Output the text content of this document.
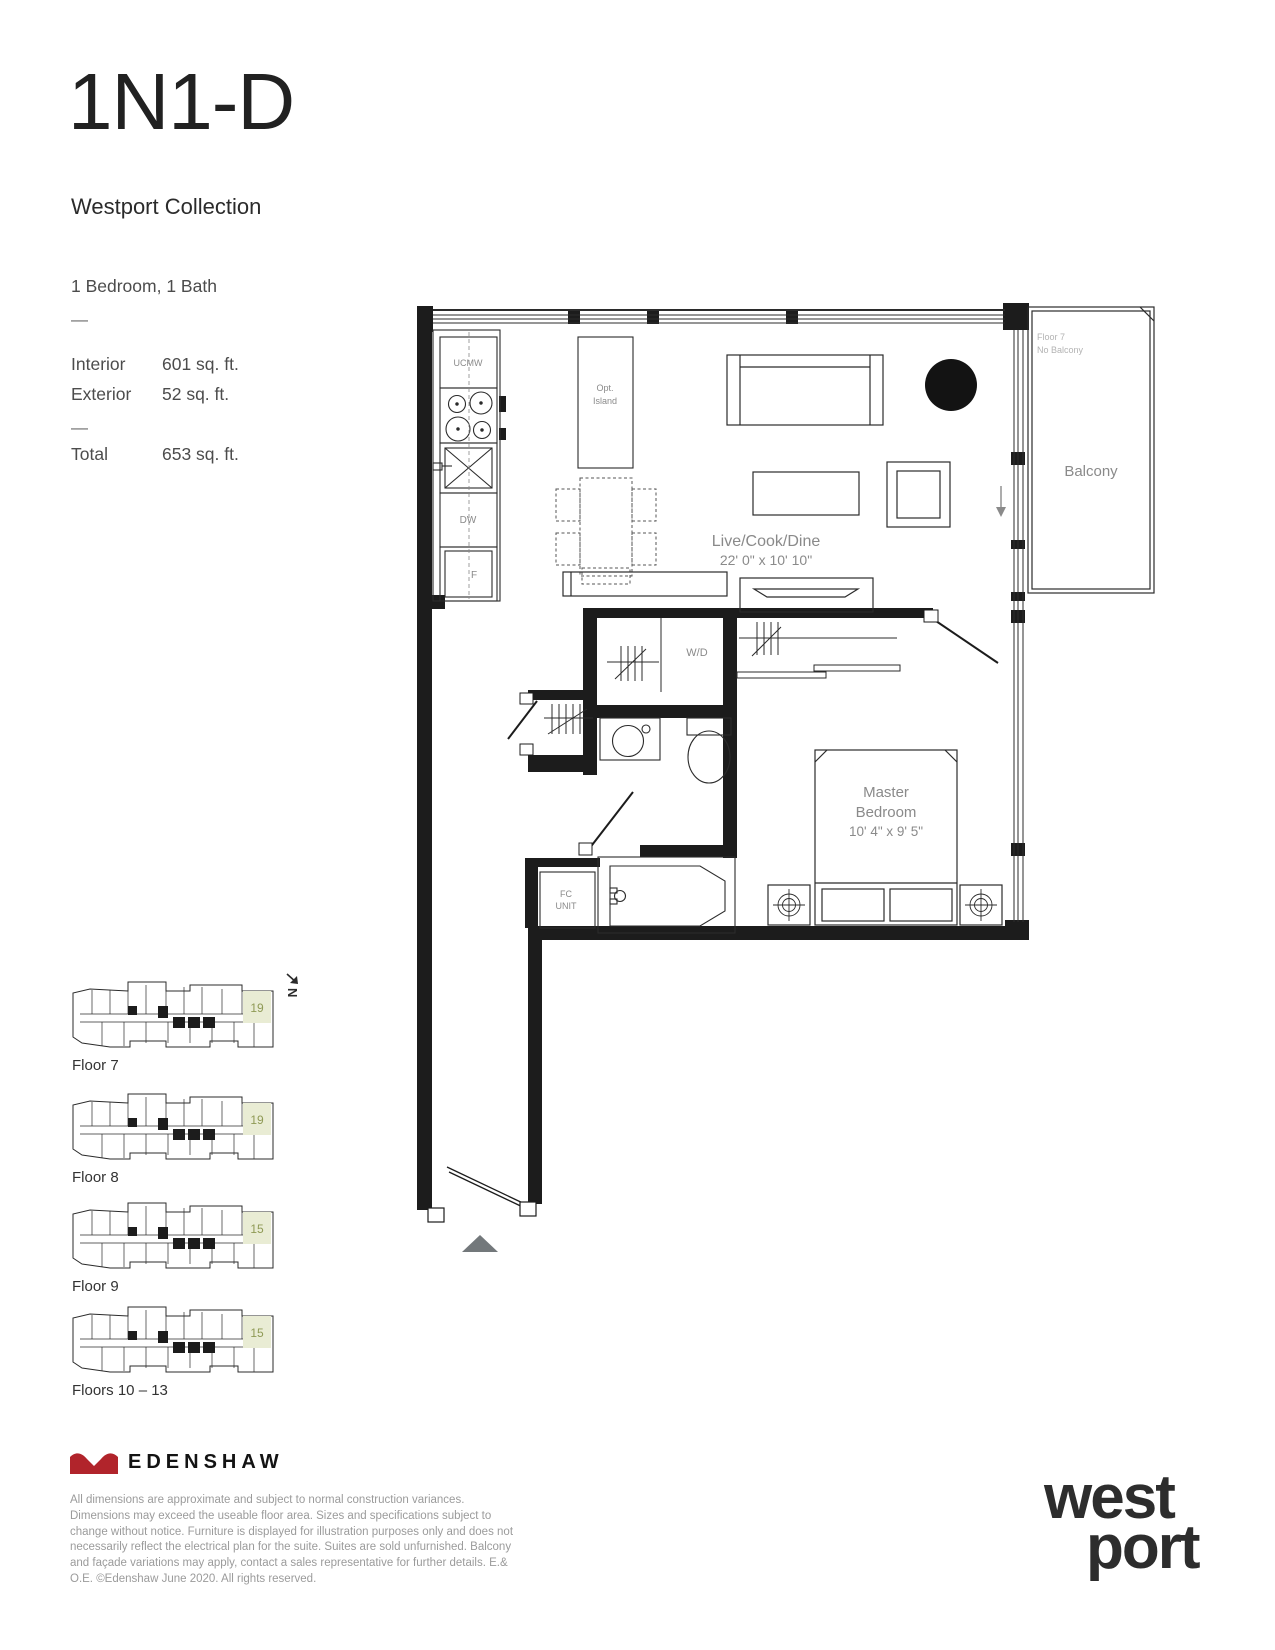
1N1-D
Westport Collection
1 Bedroom, 1 Bath
—
Interior	601 sq. ft.
Exterior	52 sq. ft.
—
Total	653 sq. ft.
UCMW
DW
F
Opt.
Island
Live/Cook/Dine
22' 0" x 10' 10"
W/D
Master
Bedroom
10' 4" x 9' 5"
FC
UNIT
Balcony
Floor 7
No Balcony
19
Floor 7
19
Floor 8
15
Floor 9
15
Floors 10 – 13
N
EDENSHAW
All dimensions are approximate and subject to normal construction variances. Dimensions may exceed the useable floor area. Sizes and specifications subject to change without notice. Furniture is displayed for illustration purposes only and does not necessarily reflect the electrical plan for the suite. Suites are sold unfurnished. Balcony and façade variations may apply, contact a sales representative for further details. E.& O.E. ©Edenshaw June 2020. All rights reserved.
west
port
